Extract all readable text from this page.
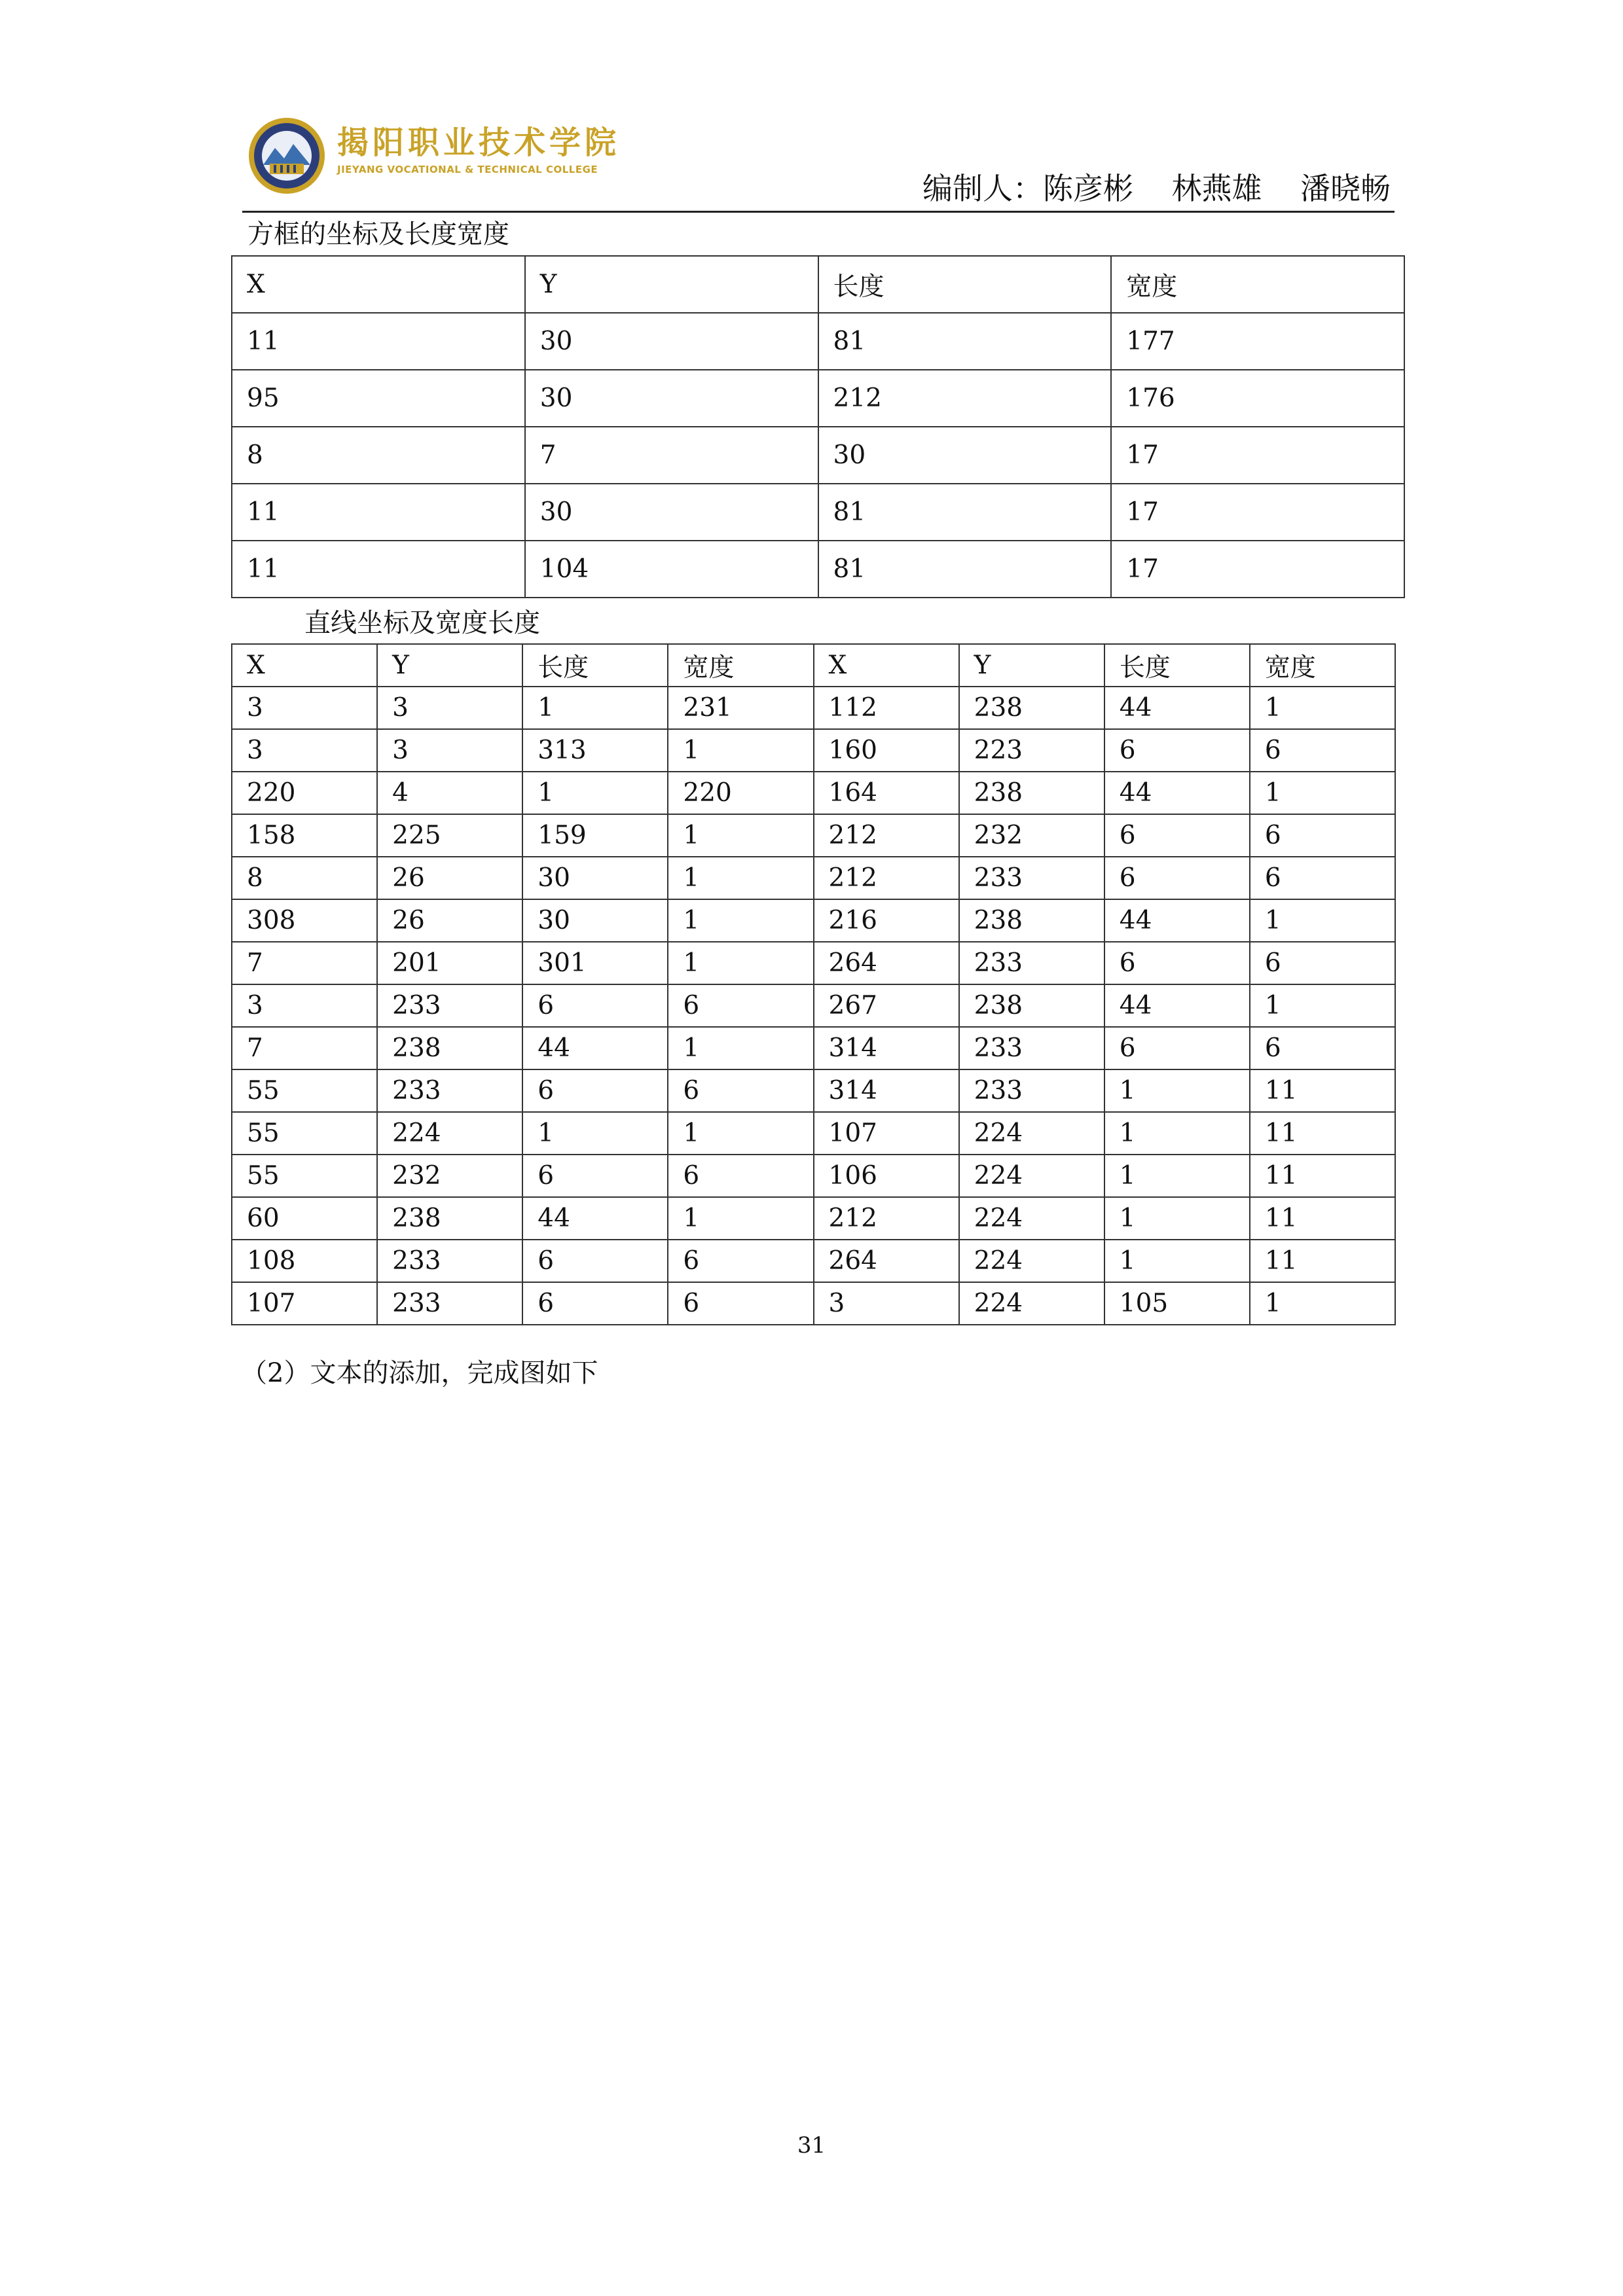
揭阳职业技术学院
JIEYANG VOCATIONAL & TECHNICAL COLLEGE
编制人：陈彦彬    林燕雄    潘晓畅
方框的坐标及长度宽度
X	Y	长度	宽度
11	30	81	177
95	30	212	176
8	7	30	17
11	30	81	17
11	104	81	17
直线坐标及宽度长度
X	Y	长度	宽度	X	Y	长度	宽度
3	3	1	231	112	238	44	1
3	3	313	1	160	223	6	6
220	4	1	220	164	238	44	1
158	225	159	1	212	232	6	6
8	26	30	1	212	233	6	6
308	26	30	1	216	238	44	1
7	201	301	1	264	233	6	6
3	233	6	6	267	238	44	1
7	238	44	1	314	233	6	6
55	233	6	6	314	233	1	11
55	224	1	1	107	224	1	11
55	232	6	6	106	224	1	11
60	238	44	1	212	224	1	11
108	233	6	6	264	224	1	11
107	233	6	6	3	224	105	1
（2）文本的添加，完成图如下
31
